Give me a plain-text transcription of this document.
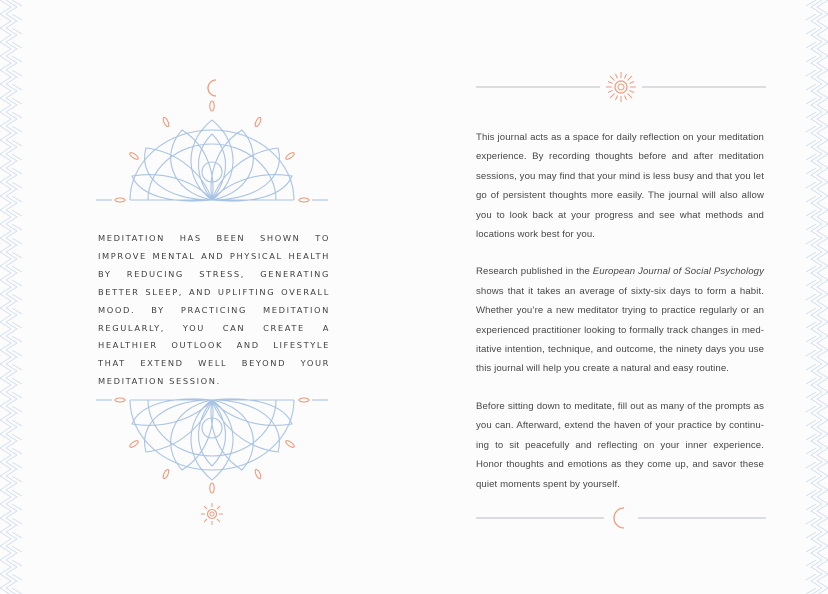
MEDITATION HAS BEEN SHOWN TO IMPROVE MENTAL AND PHYSICAL HEALTH BY REDUCING STRESS, GENERATING BETTER SLEEP, AND UPLIFTING OVERALL MOOD. BY PRACTICING MEDITATION REGULARLY, YOU CAN CREATE A HEALTHIER OUTLOOK AND LIFESTYLE THAT EXTEND WELL BEYOND YOUR MEDITATION SESSION.

This journal acts as a space for daily reflection on your meditation experience. By recording thoughts before and after meditation sessions, you may find that your mind is less busy and that you let go of persistent thoughts more easily. The journal will also allow you to look back at your progress and see what methods and locations work best for you.

Research published in the European Journal of Social Psychology shows that it takes an average of sixty-six days to form a habit. Whether you’re a new meditator trying to practice regularly or an experienced practitioner looking to formally track changes in meditative intention, technique, and outcome, the ninety days you use this journal will help you create a natural and easy routine.

Before sitting down to meditate, fill out as many of the prompts as you can. Afterward, extend the haven of your practice by continuing to sit peacefully and reflecting on your inner experience. Honor thoughts and emotions as they come up, and savor these quiet moments spent by yourself.
